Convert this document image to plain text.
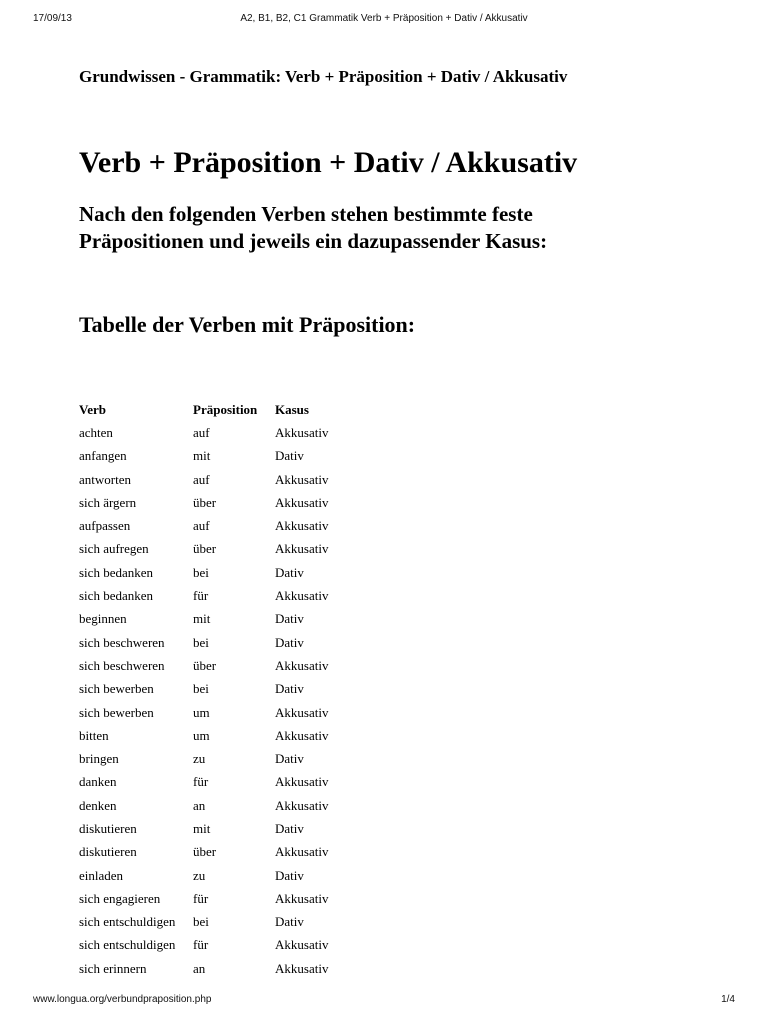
17/09/13	A2, B1, B2, C1 Grammatik Verb + Präposition + Dativ / Akkusativ
Grundwissen - Grammatik: Verb + Präposition + Dativ / Akkusativ
Verb + Präposition + Dativ / Akkusativ

Nach den folgenden Verben stehen bestimmte feste
Präpositionen und jeweils ein dazupassender Kasus:

Tabelle der Verben mit Präposition:
Verb	Präposition	Kasus
achten	auf	Akkusativ
anfangen	mit	Dativ
antworten	auf	Akkusativ
sich ärgern	über	Akkusativ
aufpassen	auf	Akkusativ
sich aufregen	über	Akkusativ
sich bedanken	bei	Dativ
sich bedanken	für	Akkusativ
beginnen	mit	Dativ
sich beschweren	bei	Dativ
sich beschweren	über	Akkusativ
sich bewerben	bei	Dativ
sich bewerben	um	Akkusativ
bitten	um	Akkusativ
bringen	zu	Dativ
danken	für	Akkusativ
denken	an	Akkusativ
diskutieren	mit	Dativ
diskutieren	über	Akkusativ
einladen	zu	Dativ
sich engagieren	für	Akkusativ
sich entschuldigen	bei	Dativ
sich entschuldigen	für	Akkusativ
sich erinnern	an	Akkusativ
www.longua.org/verbundpraposition.php	1/4
